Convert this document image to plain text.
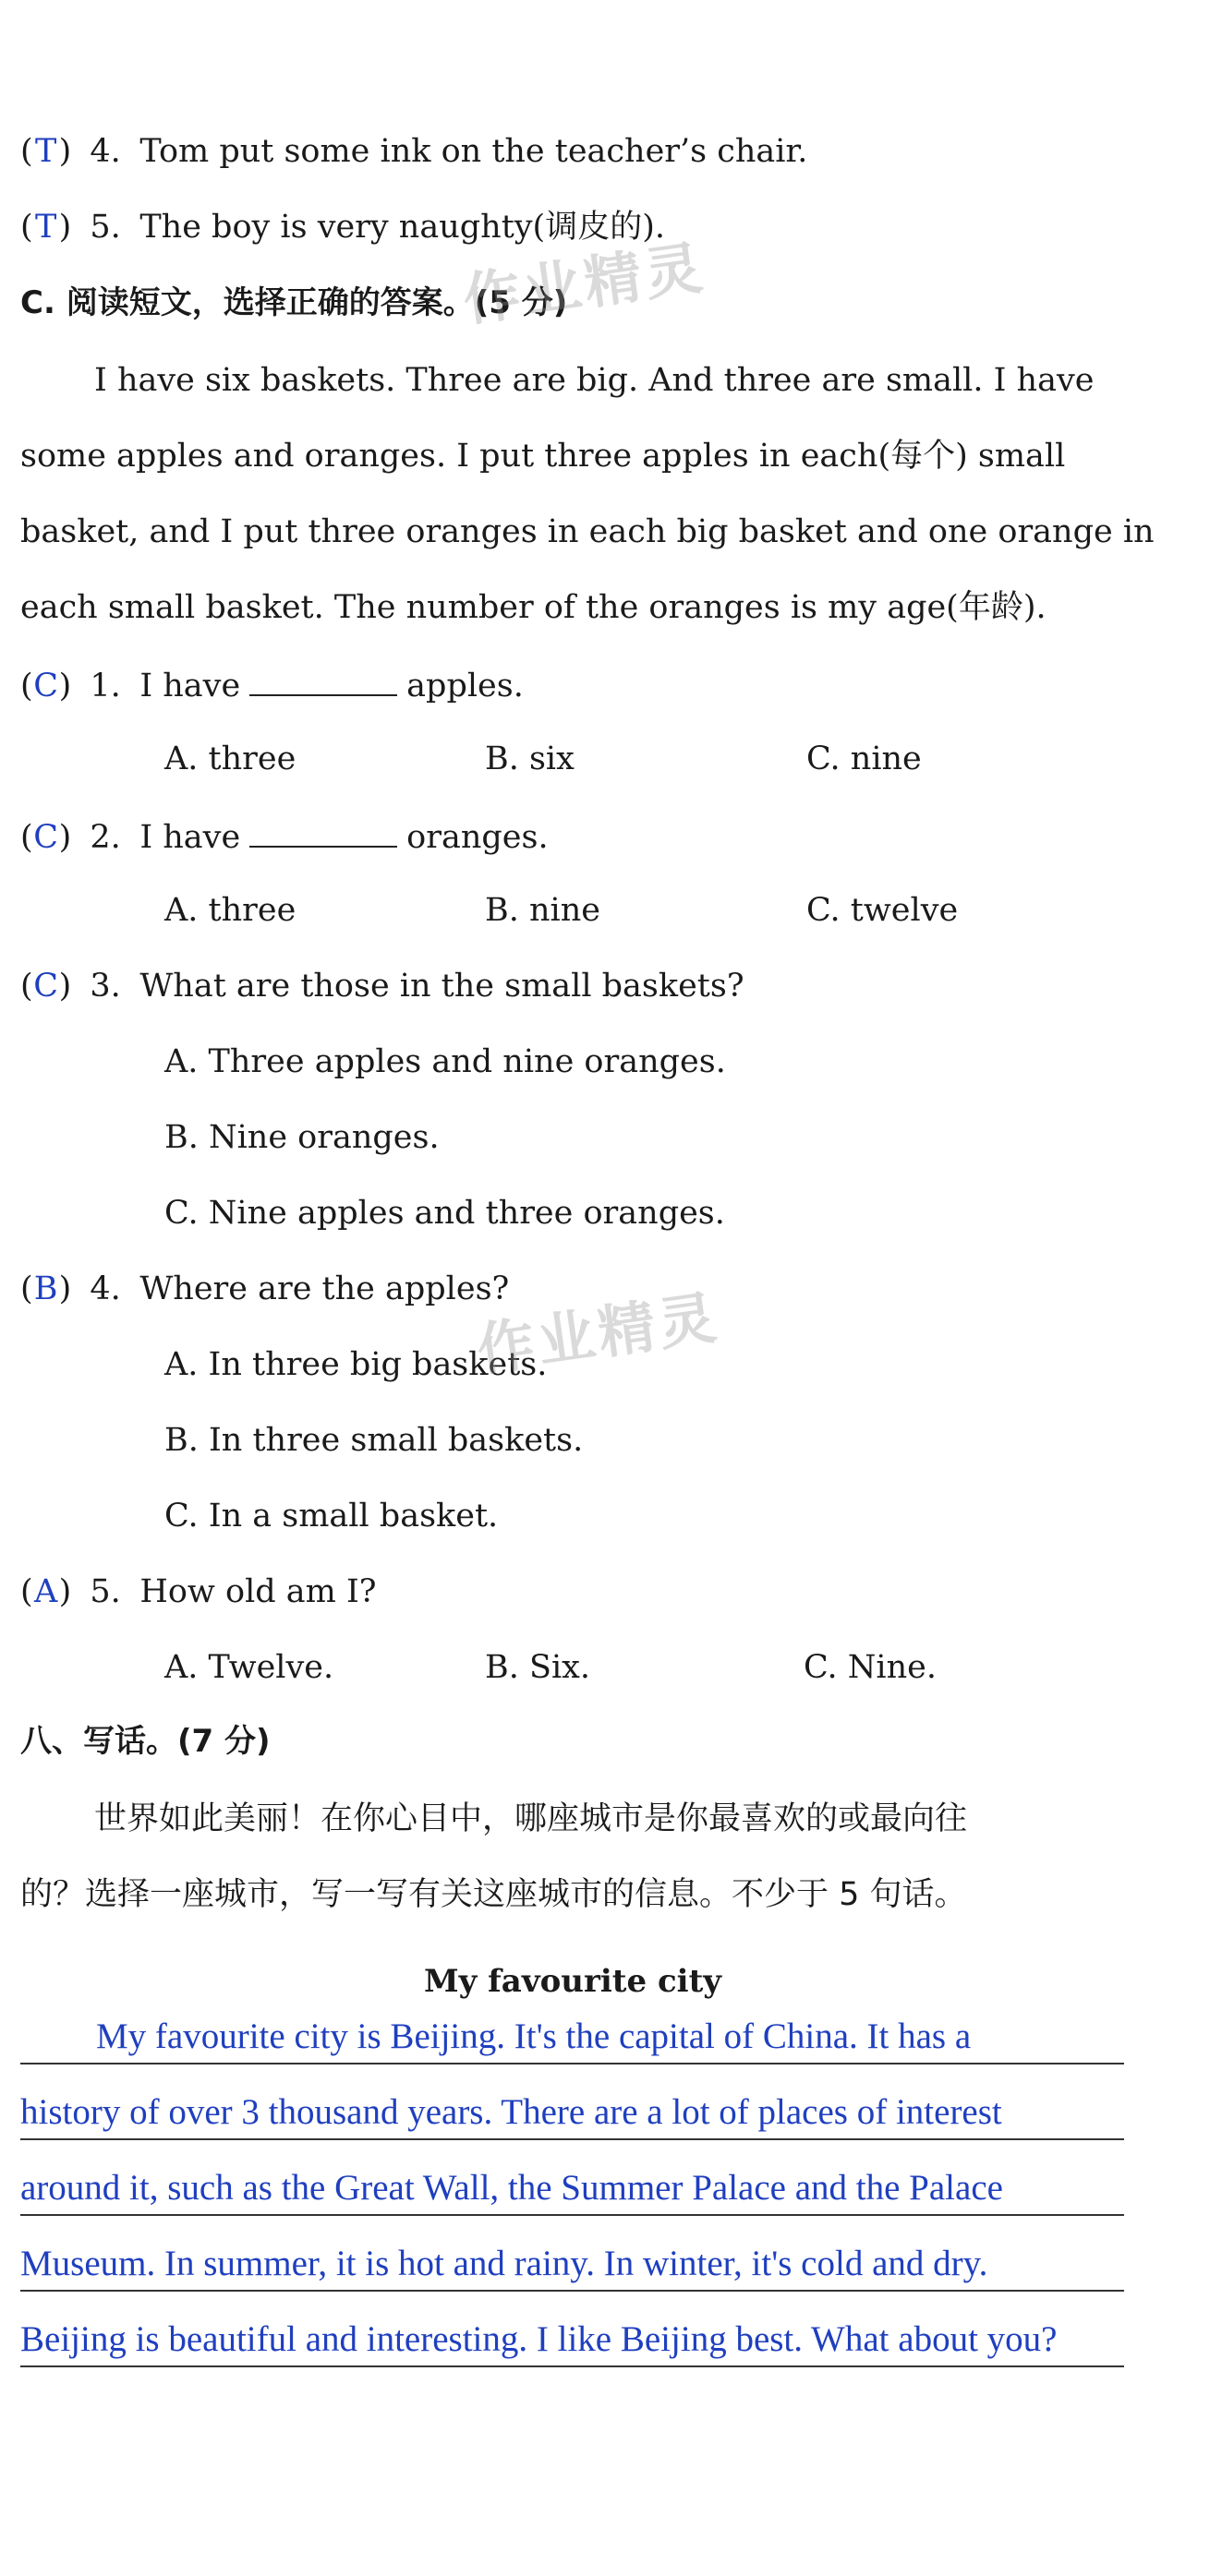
(T) 4. Tom put some ink on the teacher’s chair.
(T) 5. The boy is very naughty(调皮的).
C. 阅读短文，选择正确的答案。(5 分)
I have six baskets. Three are big. And three are small. I have
some apples and oranges. I put three apples in each(每个) small
basket, and I put three oranges in each big basket and one orange in
each small basket. The number of the oranges is my age(年龄).
(C) 1. I have	apples.
A. three	B. six	C. nine
(C) 2. I have	oranges.
A. three	B. nine	C. twelve
(C) 3. What are those in the small baskets?
A. Three apples and nine oranges.
B. Nine oranges.
C. Nine apples and three oranges.
(B) 4. Where are the apples?
A. In three big baskets.
B. In three small baskets.
C. In a small basket.
(A) 5. How old am I?
A. Twelve.	B. Six.	C. Nine.
八、写话。(7 分)
世界如此美丽！在你心目中，哪座城市是你最喜欢的或最向往
的？选择一座城市，写一写有关这座城市的信息。不少于 5 句话。
My favourite city
My favourite city is Beijing. It's the capital of China. It has a
history of over 3 thousand years. There are a lot of places of interest
around it, such as the Great Wall, the Summer Palace and the Palace
Museum. In summer, it is hot and rainy. In winter, it's cold and dry.
Beijing is beautiful and interesting. I like Beijing best. What about you?
作业精灵
作业精灵
